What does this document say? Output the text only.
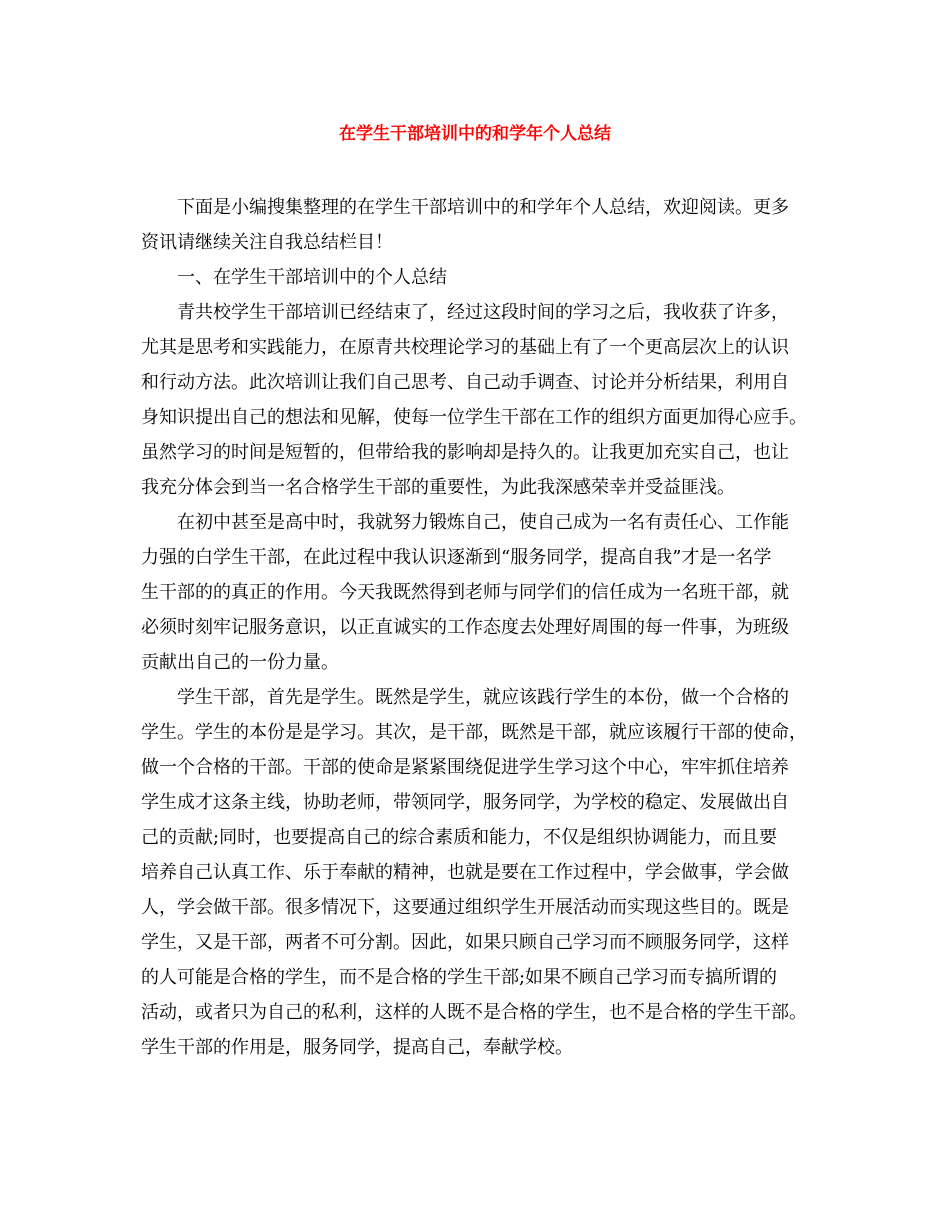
在学生干部培训中的和学年个人总结

下面是小编搜集整理的在学生干部培训中的和学年个人总结，欢迎阅读。更多
资讯请继续关注自我总结栏目！

一、在学生干部培训中的个人总结

青共校学生干部培训已经结束了，经过这段时间的学习之后，我收获了许多，
尤其是思考和实践能力，在原青共校理论学习的基础上有了一个更高层次上的认识
和行动方法。此次培训让我们自己思考、自己动手调查、讨论并分析结果，利用自
身知识提出自己的想法和见解，使每一位学生干部在工作的组织方面更加得心应手。
虽然学习的时间是短暂的，但带给我的影响却是持久的。让我更加充实自己，也让
我充分体会到当一名合格学生干部的重要性，为此我深感荣幸并受益匪浅。

在初中甚至是高中时，我就努力锻炼自己，使自己成为一名有责任心、工作能
力强的白学生干部，在此过程中我认识逐渐到“服务同学，提高自我”才是一名学
生干部的的真正的作用。今天我既然得到老师与同学们的信任成为一名班干部，就
必须时刻牢记服务意识，以正直诚实的工作态度去处理好周围的每一件事，为班级
贡献出自己的一份力量。

学生干部，首先是学生。既然是学生，就应该践行学生的本份，做一个合格的
学生。学生的本份是是学习。其次，是干部，既然是干部，就应该履行干部的使命，
做一个合格的干部。干部的使命是紧紧围绕促进学生学习这个中心，牢牢抓住培养
学生成才这条主线，协助老师，带领同学，服务同学，为学校的稳定、发展做出自
己的贡献;同时，也要提高自己的综合素质和能力，不仅是组织协调能力，而且要
培养自己认真工作、乐于奉献的精神，也就是要在工作过程中，学会做事，学会做
人，学会做干部。很多情况下，这要通过组织学生开展活动而实现这些目的。既是
学生，又是干部，两者不可分割。因此，如果只顾自己学习而不顾服务同学，这样
的人可能是合格的学生，而不是合格的学生干部;如果不顾自己学习而专搞所谓的
活动，或者只为自己的私利，这样的人既不是合格的学生，也不是合格的学生干部。
学生干部的作用是，服务同学，提高自己，奉献学校。
